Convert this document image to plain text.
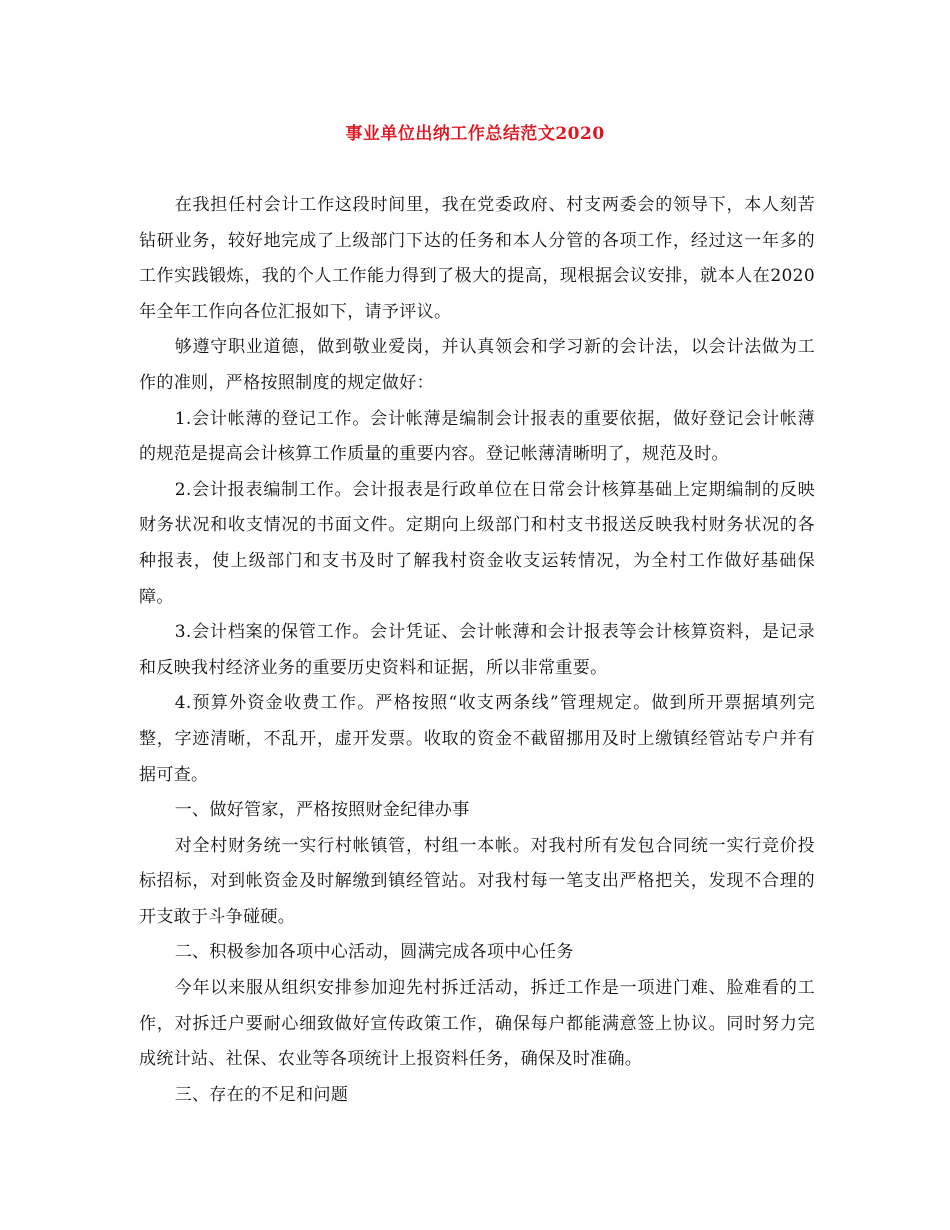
事业单位出纳工作总结范文2020

在我担任村会计工作这段时间里，我在党委政府、村支两委会的领导下，本人刻苦钻研业务，较好地完成了上级部门下达的任务和本人分管的各项工作，经过这一年多的工作实践锻炼，我的个人工作能力得到了极大的提高，现根据会议安排，就本人在2020年全年工作向各位汇报如下，请予评议。

够遵守职业道德，做到敬业爱岗，并认真领会和学习新的会计法，以会计法做为工作的准则，严格按照制度的规定做好：

1.会计帐薄的登记工作。会计帐薄是编制会计报表的重要依据，做好登记会计帐薄的规范是提高会计核算工作质量的重要内容。登记帐薄清晰明了，规范及时。

2.会计报表编制工作。会计报表是行政单位在日常会计核算基础上定期编制的反映财务状况和收支情况的书面文件。定期向上级部门和村支书报送反映我村财务状况的各种报表，使上级部门和支书及时了解我村资金收支运转情况，为全村工作做好基础保障。

3.会计档案的保管工作。会计凭证、会计帐薄和会计报表等会计核算资料，是记录和反映我村经济业务的重要历史资料和证据，所以非常重要。

4.预算外资金收费工作。严格按照“收支两条线”管理规定。做到所开票据填列完整，字迹清晰，不乱开，虚开发票。收取的资金不截留挪用及时上缴镇经管站专户并有据可查。

一、做好管家，严格按照财金纪律办事

对全村财务统一实行村帐镇管，村组一本帐。对我村所有发包合同统一实行竞价投标招标，对到帐资金及时解缴到镇经管站。对我村每一笔支出严格把关，发现不合理的开支敢于斗争碰硬。

二、积极参加各项中心活动，圆满完成各项中心任务

今年以来服从组织安排参加迎先村拆迁活动，拆迁工作是一项进门难、脸难看的工作，对拆迁户要耐心细致做好宣传政策工作，确保每户都能满意签上协议。同时努力完成统计站、社保、农业等各项统计上报资料任务，确保及时准确。

三、存在的不足和问题
